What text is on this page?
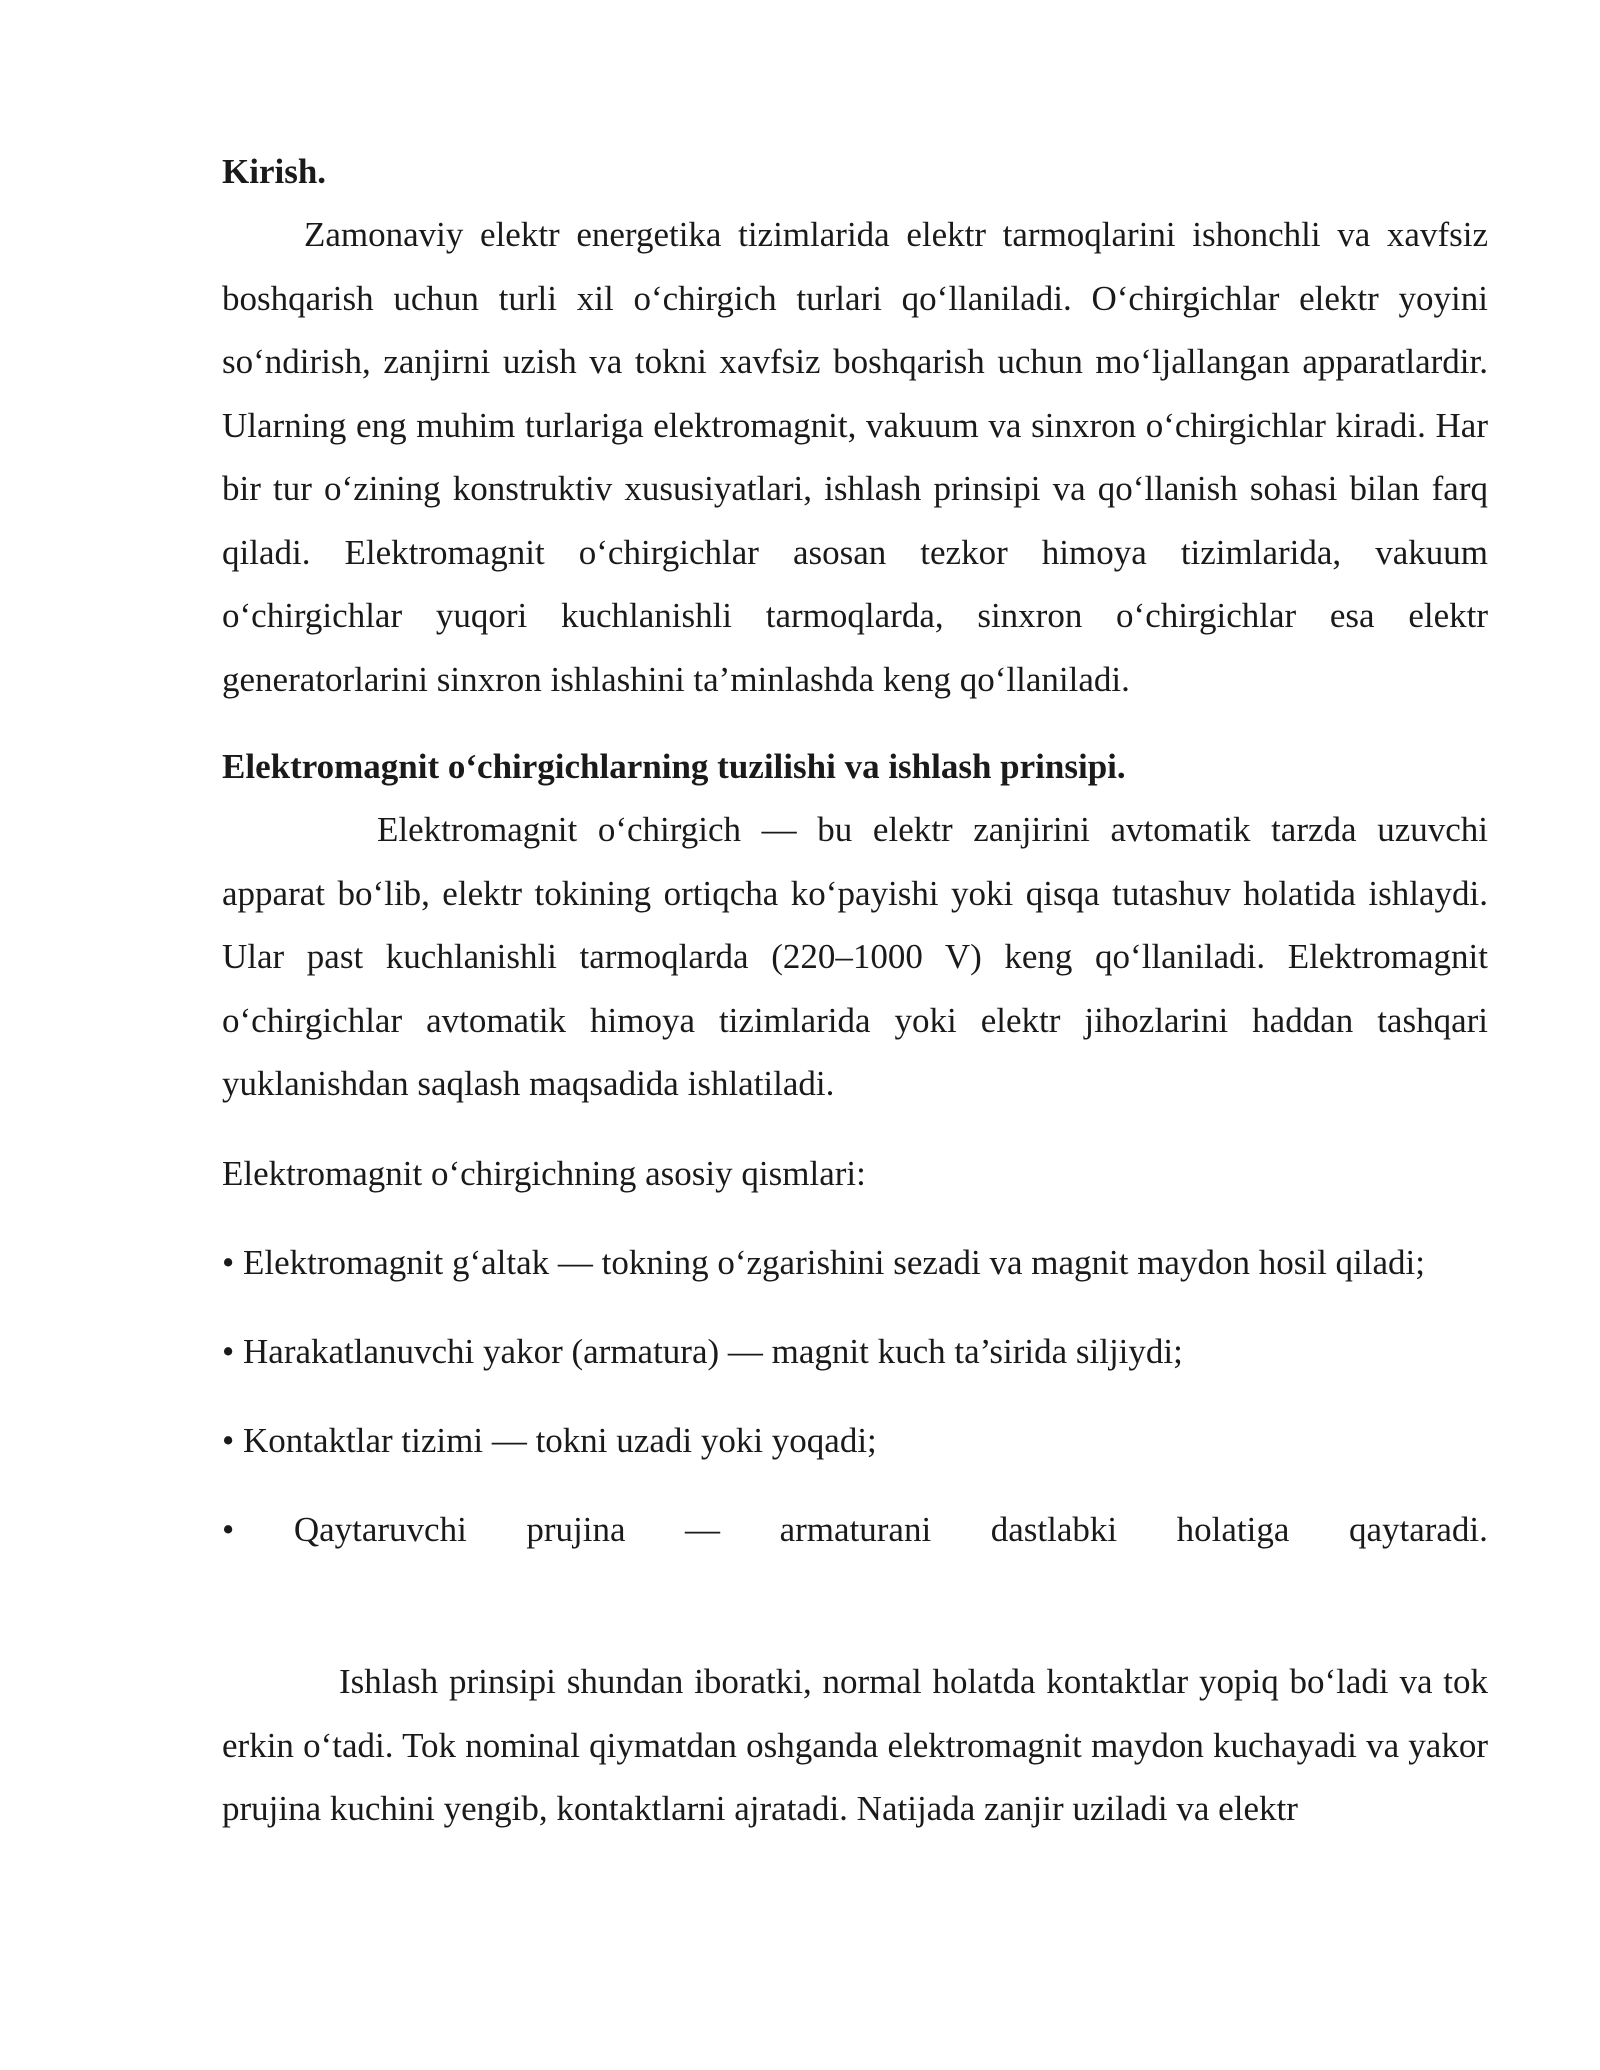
Kirish.

Zamonaviy elektr energetika tizimlarida elektr tarmoqlarini ishonchli va xavfsiz boshqarish uchun turli xil o‘chirgich turlari qo‘llaniladi. O‘chirgichlar elektr yoyini so‘ndirish, zanjirni uzish va tokni xavfsiz boshqarish uchun mo‘ljallangan apparatlardir. Ularning eng muhim turlariga elektromagnit, vakuum va sinxron o‘chirgichlar kiradi. Har bir tur o‘zining konstruktiv xususiyatlari, ishlash prinsipi va qo‘llanish sohasi bilan farq qiladi. Elektromagnit o‘chirgichlar asosan tezkor himoya tizimlarida, vakuum o‘chirgichlar yuqori kuchlanishli tarmoqlarda, sinxron o‘chirgichlar esa elektr generatorlarini sinxron ishlashini ta’minlashda keng qo‘llaniladi.

Elektromagnit o‘chirgichlarning tuzilishi va ishlash prinsipi.

Elektromagnit o‘chirgich — bu elektr zanjirini avtomatik tarzda uzuvchi apparat bo‘lib, elektr tokining ortiqcha ko‘payishi yoki qisqa tutashuv holatida ishlaydi. Ular past kuchlanishli tarmoqlarda (220–1000 V) keng qo‘llaniladi. Elektromagnit o‘chirgichlar avtomatik himoya tizimlarida yoki elektr jihozlarini haddan tashqari yuklanishdan saqlash maqsadida ishlatiladi.

Elektromagnit o‘chirgichning asosiy qismlari:

• Elektromagnit g‘altak — tokning o‘zgarishini sezadi va magnit maydon hosil qiladi;

• Harakatlanuvchi yakor (armatura) — magnit kuch ta’sirida siljiydi;

• Kontaktlar tizimi — tokni uzadi yoki yoqadi;

• Qaytaruvchi prujina — armaturani dastlabki holatiga qaytaradi.

Ishlash prinsipi shundan iboratki, normal holatda kontaktlar yopiq bo‘ladi va tok erkin o‘tadi. Tok nominal qiymatdan oshganda elektromagnit maydon kuchayadi va yakor prujina kuchini yengib, kontaktlarni ajratadi. Natijada zanjir uziladi va elektr
